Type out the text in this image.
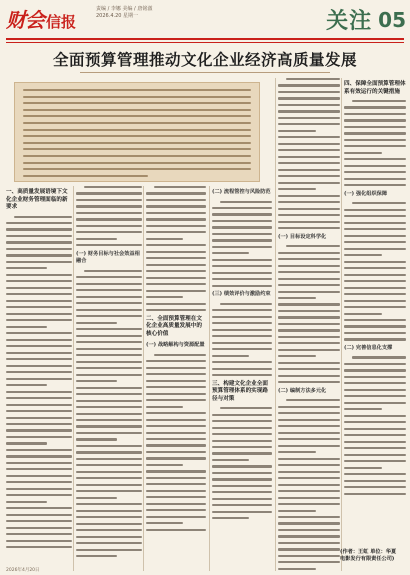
财会 信报
责编 / 李娜 美编 / 唐铭澈
2026.4.20 星期一	关注 05
全面预算管理推动文化企业经济高质量发展
一、高质量发展语境下文化企业财务管理面临的新要求
(一) 财务目标与社会效益相融合
二、全面预算管理在文化企业高质量发展中的核心价值
(一) 战略解构与资源配置
(二) 流程管控与风险防范
(三) 绩效评价与激励约束
三、构建文化企业全面预算管理体系的实现路径与对策
(一) 目标设定科学化
(二) 编制方法多元化
四、保障全面预算管理体系有效运行的关键措施
(一) 强化组织保障
(二) 完善信息化支撑
(作者：王虹 单位：华夏
电影发行有限责任公司)
2026年4月20日
